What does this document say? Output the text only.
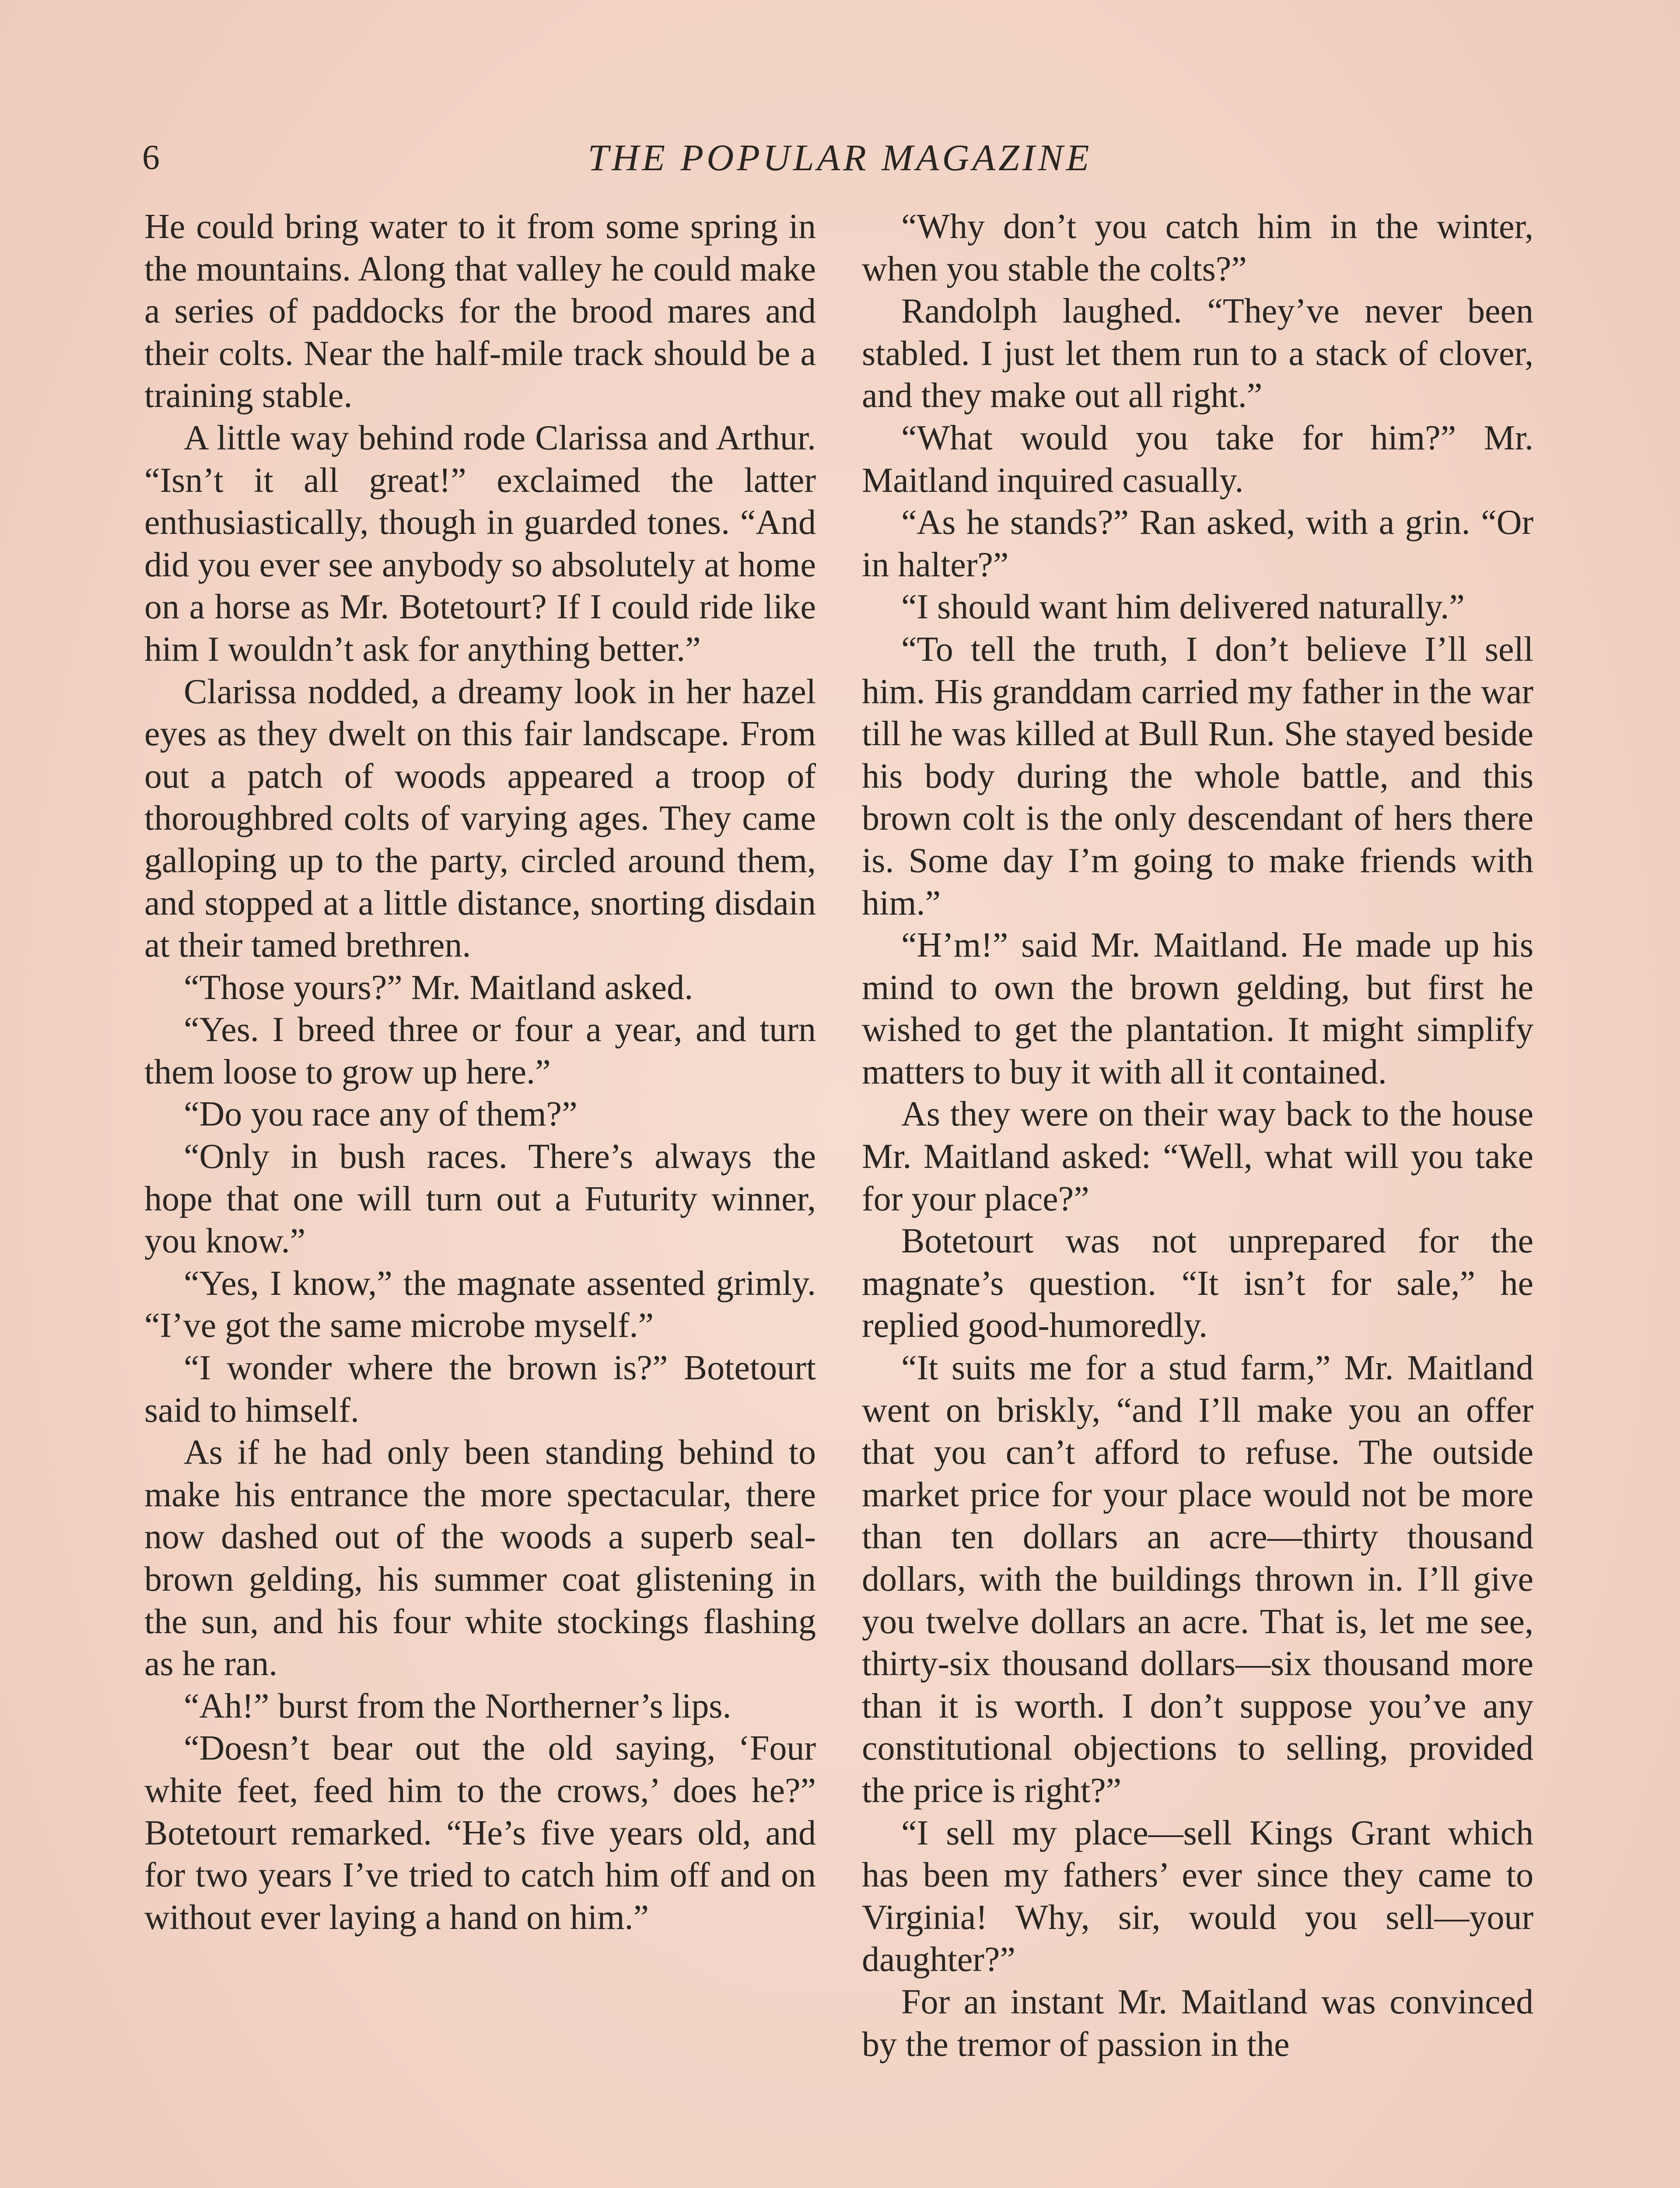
6	THE POPULAR MAGAZINE

He could bring water to it from some spring in the mountains. Along that valley he could make a series of paddocks for the brood mares and their colts. Near the half-mile track should be a training stable.

A little way behind rode Clarissa and Arthur. “Isn’t it all great!” exclaimed the latter enthusiastically, though in guarded tones. “And did you ever see anybody so absolutely at home on a horse as Mr. Botetourt? If I could ride like him I wouldn’t ask for anything better.”

Clarissa nodded, a dreamy look in her hazel eyes as they dwelt on this fair landscape. From out a patch of woods appeared a troop of thoroughbred colts of varying ages. They came galloping up to the party, circled around them, and stopped at a little distance, snorting disdain at their tamed brethren.

“Those yours?” Mr. Maitland asked.

“Yes. I breed three or four a year, and turn them loose to grow up here.”

“Do you race any of them?”

“Only in bush races. There’s always the hope that one will turn out a Futurity winner, you know.”

“Yes, I know,” the magnate assented grimly. “I’ve got the same microbe myself.”

“I wonder where the brown is?” Botetourt said to himself.

As if he had only been standing behind to make his entrance the more spectacular, there now dashed out of the woods a superb seal-brown gelding, his summer coat glistening in the sun, and his four white stockings flashing as he ran.

“Ah!” burst from the Northerner’s lips.

“Doesn’t bear out the old saying, ‘Four white feet, feed him to the crows,’ does he?” Botetourt remarked. “He’s five years old, and for two years I’ve tried to catch him off and on without ever laying a hand on him.”

“Why don’t you catch him in the winter, when you stable the colts?”

Randolph laughed. “They’ve never been stabled. I just let them run to a stack of clover, and they make out all right.”

“What would you take for him?” Mr. Maitland inquired casually.

“As he stands?” Ran asked, with a grin. “Or in halter?”

“I should want him delivered naturally.”

“To tell the truth, I don’t believe I’ll sell him. His granddam carried my father in the war till he was killed at Bull Run. She stayed beside his body during the whole battle, and this brown colt is the only descendant of hers there is. Some day I’m going to make friends with him.”

“H’m!” said Mr. Maitland. He made up his mind to own the brown gelding, but first he wished to get the plantation. It might simplify matters to buy it with all it contained.

As they were on their way back to the house Mr. Maitland asked: “Well, what will you take for your place?”

Botetourt was not unprepared for the magnate’s question. “It isn’t for sale,” he replied good-humoredly.

“It suits me for a stud farm,” Mr. Maitland went on briskly, “and I’ll make you an offer that you can’t afford to refuse. The outside market price for your place would not be more than ten dollars an acre—thirty thousand dollars, with the buildings thrown in. I’ll give you twelve dollars an acre. That is, let me see, thirty-six thousand dollars—six thousand more than it is worth. I don’t suppose you’ve any constitutional objections to selling, provided the price is right?”

“I sell my place—sell Kings Grant which has been my fathers’ ever since they came to Virginia! Why, sir, would you sell—your daughter?”

For an instant Mr. Maitland was convinced by the tremor of passion in the
